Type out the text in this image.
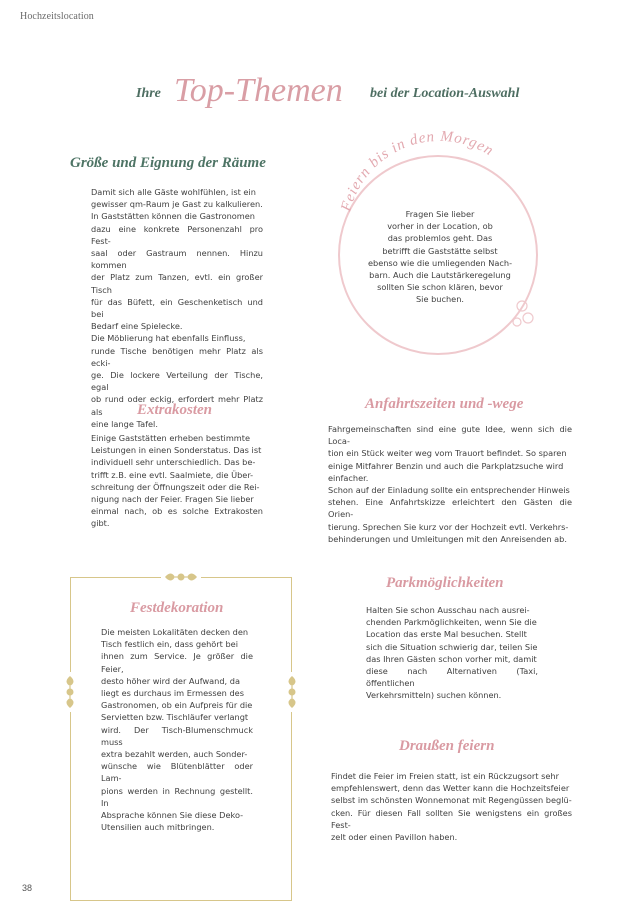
Hochzeitslocation
Ihre Top-Themen bei der Location-Auswahl
Größe und Eignung der Räume

Damit sich alle Gäste wohlfühlen, ist ein

gewisser qm-Raum je Gast zu kalkulieren.

In Gaststätten können die Gastronomen

dazu eine konkrete Personenzahl pro Fest-

saal oder Gastraum nennen. Hinzu kommen

der Platz zum Tanzen, evtl. ein großer Tisch

für das Büfett, ein Geschenketisch und bei

Bedarf eine Spielecke.

Die Möblierung hat ebenfalls Einfluss,

runde Tische benötigen mehr Platz als ecki-

ge. Die lockere Verteilung der Tische, egal

ob rund oder eckig, erfordert mehr Platz als

eine lange Tafel.

Feiern bis in den Morgen

Fragen Sie lieber

vorher in der Location, ob

das problemlos geht. Das

betrifft die Gaststätte selbst

ebenso wie die umliegenden Nach-

barn. Auch die Lautstärkeregelung

sollten Sie schon klären, bevor

Sie buchen.

Extrakosten

Einige Gaststätten erheben bestimmte

Leistungen in einen Sonderstatus. Das ist

individuell sehr unterschiedlich. Das be-

trifft z.B. eine evtl. Saalmiete, die Über-

schreitung der Öffnungszeit oder die Rei-

nigung nach der Feier. Fragen Sie lieber

einmal nach, ob es solche Extrakosten gibt.

Anfahrtszeiten und -wege

Fahrgemeinschaften sind eine gute Idee, wenn sich die Loca-

tion ein Stück weiter weg vom Trauort befindet. So sparen

einige Mitfahrer Benzin und auch die Parkplatzsuche wird

einfacher.

Schon auf der Einladung sollte ein entsprechender Hinweis

stehen. Eine Anfahrtskizze erleichtert den Gästen die Orien-

tierung. Sprechen Sie kurz vor der Hochzeit evtl. Verkehrs-

behinderungen und Umleitungen mit den Anreisenden ab.

Festdekoration

Die meisten Lokalitäten decken den

Tisch festlich ein, dass gehört bei

ihnen zum Service. Je größer die Feier,

desto höher wird der Aufwand, da

liegt es durchaus im Ermessen des

Gastronomen, ob ein Aufpreis für die

Servietten bzw. Tischläufer verlangt

wird. Der Tisch-Blumenschmuck muss

extra bezahlt werden, auch Sonder-

wünsche wie Blütenblätter oder Lam-

pions werden in Rechnung gestellt. In

Absprache können Sie diese Deko-

Utensilien auch mitbringen.

Parkmöglichkeiten

Halten Sie schon Ausschau nach ausrei-

chenden Parkmöglichkeiten, wenn Sie die

Location das erste Mal besuchen. Stellt

sich die Situation schwierig dar, teilen Sie

das Ihren Gästen schon vorher mit, damit

diese nach Alternativen (Taxi, öffentlichen

Verkehrsmitteln) suchen können.

Draußen feiern

Findet die Feier im Freien statt, ist ein Rückzugsort sehr

empfehlenswert, denn das Wetter kann die Hochzeitsfeier

selbst im schönsten Wonnemonat mit Regengüssen beglü-

cken. Für diesen Fall sollten Sie wenigstens ein großes Fest-

zelt oder einen Pavillon haben.

38
